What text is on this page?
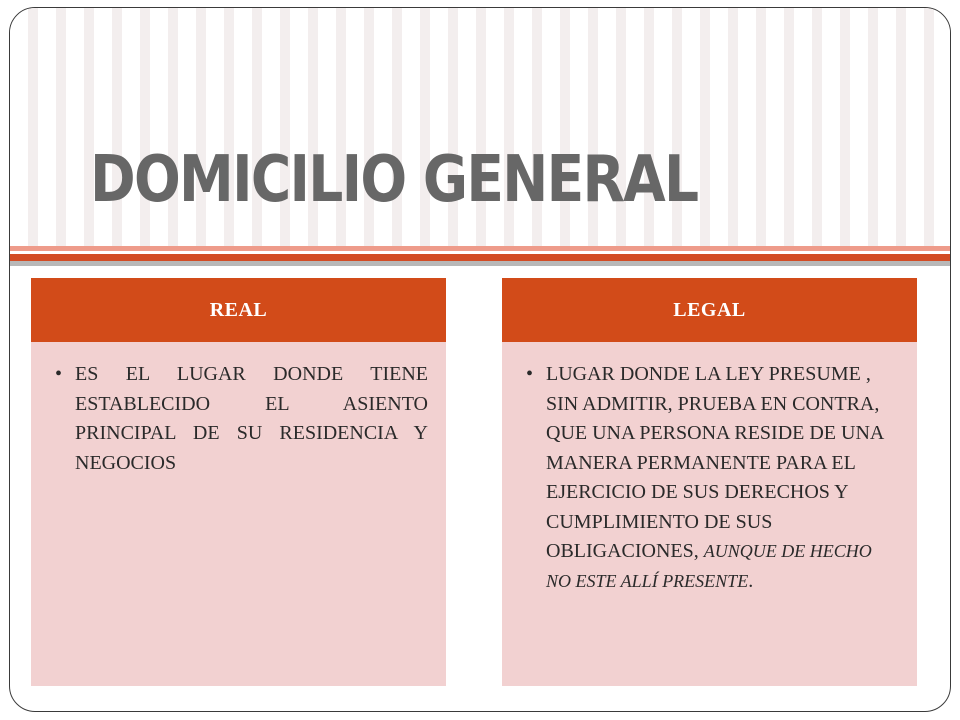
DOMICILIO GENERAL
REAL
• ES EL LUGAR DONDE TIENE ESTABLECIDO EL ASIENTO PRINCIPAL DE SU RESIDENCIA Y NEGOCIOS
LEGAL
• LUGAR DONDE LA LEY PRESUME , SIN ADMITIR, PRUEBA EN CONTRA, QUE UNA PERSONA RESIDE DE UNA MANERA PERMANENTE PARA EL EJERCICIO DE SUS DERECHOS Y CUMPLIMIENTO DE SUS OBLIGACIONES, AUNQUE DE HECHO NO ESTE ALLÍ PRESENTE.
